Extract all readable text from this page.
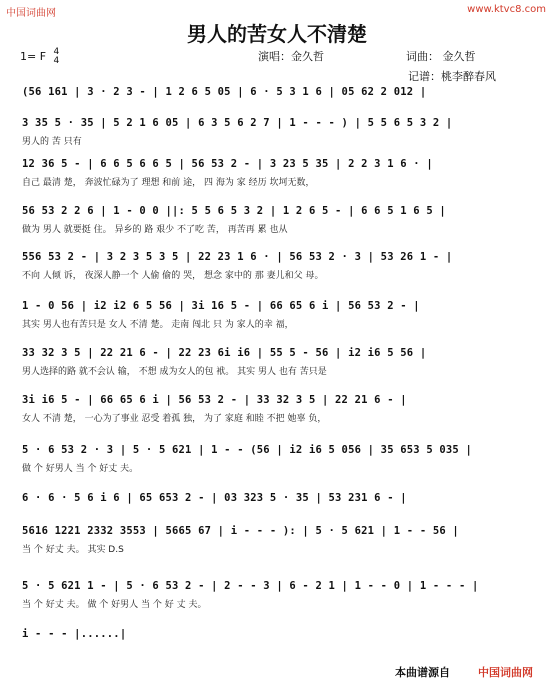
中国词曲网	www.ktvc8.com
男人的苦女人不清楚
1= F 4
4	演唱：金久哲	词曲： 金久哲
记谱：桃李醉春风
(56 161 | 3 · 2 3 - | 1 2 6 5 05 | 6 · 5 3 1 6 | 05 62 2 012 |
3 35 5 · 35 | 5 2 1 6 05 | 6 3 5 6 2 7 | 1 - - - ) | 5 5 6 5 3 2 |
男人的 苦 只有
12 36 5 - | 6 6 5 6 6 5 | 56 53 2 - | 3 23 5 35 | 2 2 3 1 6 · |
自己 最清 楚， 奔波忙碌为了 理想 和前 途， 四 海为 家 经历 坎坷无数，
56 53 2 2 6 | 1 - 0 0 ||: 5 5 6 5 3 2 | 1 2 6 5 - | 6 6 5 1 6 5 |
做为 男人 就要挺 住。 异乡的 路 艰少 不了吃 苦， 再苦再 累 也从
556 53 2 - | 3 2 3 5 3 5 | 22 23 1 6 · | 56 53 2 · 3 | 53 26 1 - |
不向 人倾 诉， 夜深人静一个 人偷 偷的 哭， 想念 家中的 那 妻儿和父 母。
1 - 0 56 | i2 i2 6 5 56 | 3i 16 5 - | 66 65 6 i | 56 53 2 - |
其实 男人也有苦只是 女人 不清 楚。 走南 闯北 只 为 家人的幸 福，
33 32 3 5 | 22 21 6 - | 22 23 6i i6 | 55 5 - 56 | i2 i6 5 56 |
男人选择的路 就不会认 输， 不想 成为女人的包 袱。 其实 男人 也有 苦只是
3i i6 5 - | 66 65 6 i | 56 53 2 - | 33 32 3 5 | 22 21 6 - |
女人 不清 楚， 一心为了事业 忍受 着孤 独， 为了 家庭 和睦 不把 她辜 负，
5 · 6 53 2 · 3 | 5 · 5 621 | 1 - - (56 | i2 i6 5 056 | 35 653 5 035 |
做 个 好男人 当 个 好丈 夫。
6 · 6 · 5 6 i 6 | 65 653 2 - | 03 323 5 · 35 | 53 231 6 - |
5616 1221 2332 3553 | 5665 67 | i - - - ): | 5 · 5 621 | 1 - - 56 |
当 个 好丈 夫。 其实 D.S
5 · 5 621 1 - | 5 · 6 53 2 - | 2 - - 3 | 6 - 2 1 | 1 - - 0 | 1 - - - |
当 个 好丈 夫。 做 个 好男人 当 个 好 丈 夫。
i - - - |......|
本曲谱源自	中国词曲网
